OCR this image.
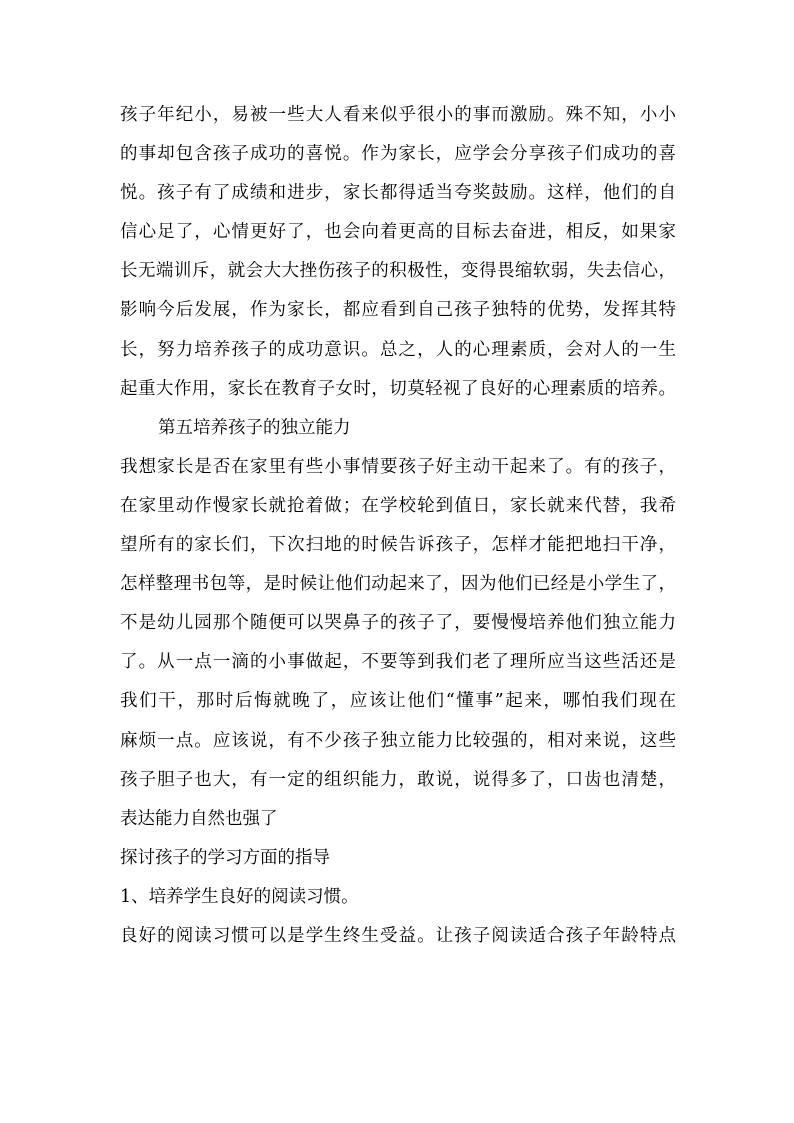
孩子年纪小，易被一些大人看来似乎很小的事而激励。殊不知，小小
的事却包含孩子成功的喜悦。作为家长，应学会分享孩子们成功的喜
悦。孩子有了成绩和进步，家长都得适当夸奖鼓励。这样，他们的自
信心足了，心情更好了，也会向着更高的目标去奋进，相反，如果家
长无端训斥，就会大大挫伤孩子的积极性，变得畏缩软弱，失去信心，
影响今后发展，作为家长，都应看到自己孩子独特的优势，发挥其特
长，努力培养孩子的成功意识。总之，人的心理素质，会对人的一生
起重大作用，家长在教育子女时，切莫轻视了良好的心理素质的培养。
第五培养孩子的独立能力
我想家长是否在家里有些小事情要孩子好主动干起来了。有的孩子，
在家里动作慢家长就抢着做；在学校轮到值日，家长就来代替，我希
望所有的家长们，下次扫地的时候告诉孩子，怎样才能把地扫干净，
怎样整理书包等，是时候让他们动起来了，因为他们已经是小学生了，
不是幼儿园那个随便可以哭鼻子的孩子了，要慢慢培养他们独立能力
了。从一点一滴的小事做起，不要等到我们老了理所应当这些活还是
我们干，那时后悔就晚了，应该让他们“懂事”起来，哪怕我们现在
麻烦一点。应该说，有不少孩子独立能力比较强的，相对来说，这些
孩子胆子也大，有一定的组织能力，敢说，说得多了，口齿也清楚，
表达能力自然也强了
探讨孩子的学习方面的指导
1、培养学生良好的阅读习惯。
良好的阅读习惯可以是学生终生受益。让孩子阅读适合孩子年龄特点
